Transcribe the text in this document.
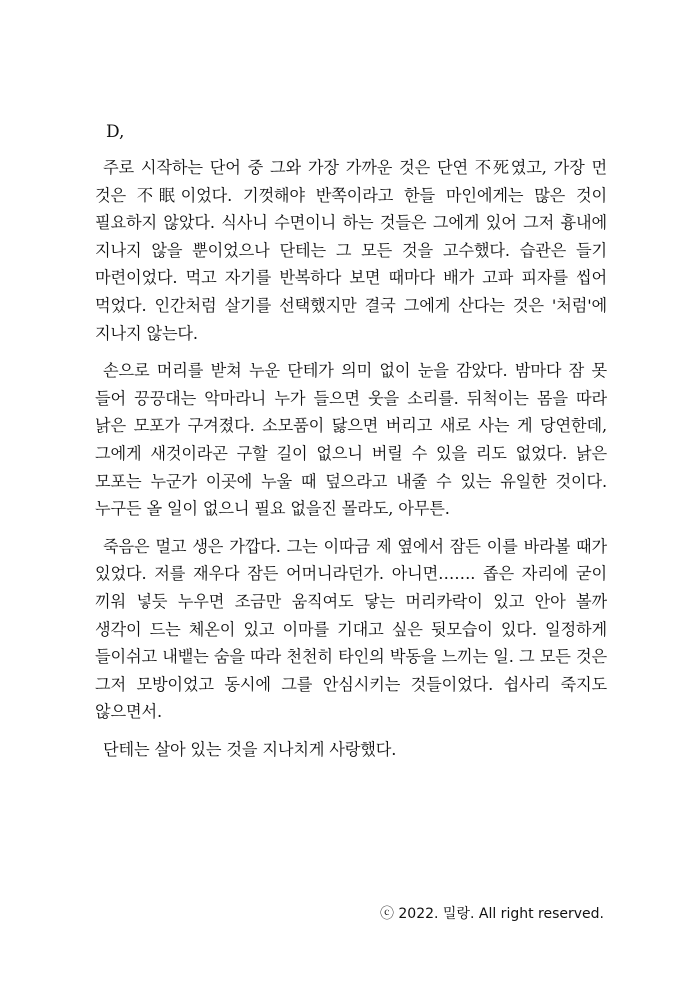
D,

주로 시작하는 단어 중 그와 가장 가까운 것은 단연 不死였고, 가장 먼 것은 不眠이었다. 기껏해야 반쪽이라고 한들 마인에게는 많은 것이 필요하지 않았다. 식사니 수면이니 하는 것들은 그에게 있어 그저 흉내에 지나지 않을 뿐이었으나 단테는 그 모든 것을 고수했다. 습관은 들기 마련이었다. 먹고 자기를 반복하다 보면 때마다 배가 고파 피자를 씹어 먹었다. 인간처럼 살기를 선택했지만 결국 그에게 산다는 것은 '처럼'에 지나지 않는다.

손으로 머리를 받쳐 누운 단테가 의미 없이 눈을 감았다. 밤마다 잠 못 들어 끙끙대는 악마라니 누가 들으면 웃을 소리를. 뒤척이는 몸을 따라 낡은 모포가 구겨졌다. 소모품이 닳으면 버리고 새로 사는 게 당연한데, 그에게 새것이라곤 구할 길이 없으니 버릴 수 있을 리도 없었다. 낡은 모포는 누군가 이곳에 누울 때 덮으라고 내줄 수 있는 유일한 것이다. 누구든 올 일이 없으니 필요 없을진 몰라도, 아무튼.

죽음은 멀고 생은 가깝다. 그는 이따금 제 옆에서 잠든 이를 바라볼 때가 있었다. 저를 재우다 잠든 어머니라던가. 아니면……. 좁은 자리에 굳이 끼워 넣듯 누우면 조금만 움직여도 닿는 머리카락이 있고 안아 볼까 생각이 드는 체온이 있고 이마를 기대고 싶은 뒷모습이 있다. 일정하게 들이쉬고 내뱉는 숨을 따라 천천히 타인의 박동을 느끼는 일. 그 모든 것은 그저 모방이었고 동시에 그를 안심시키는 것들이었다. 쉽사리 죽지도 않으면서.

단테는 살아 있는 것을 지나치게 사랑했다.

ⓒ 2022. 밀랑. All right reserved.
